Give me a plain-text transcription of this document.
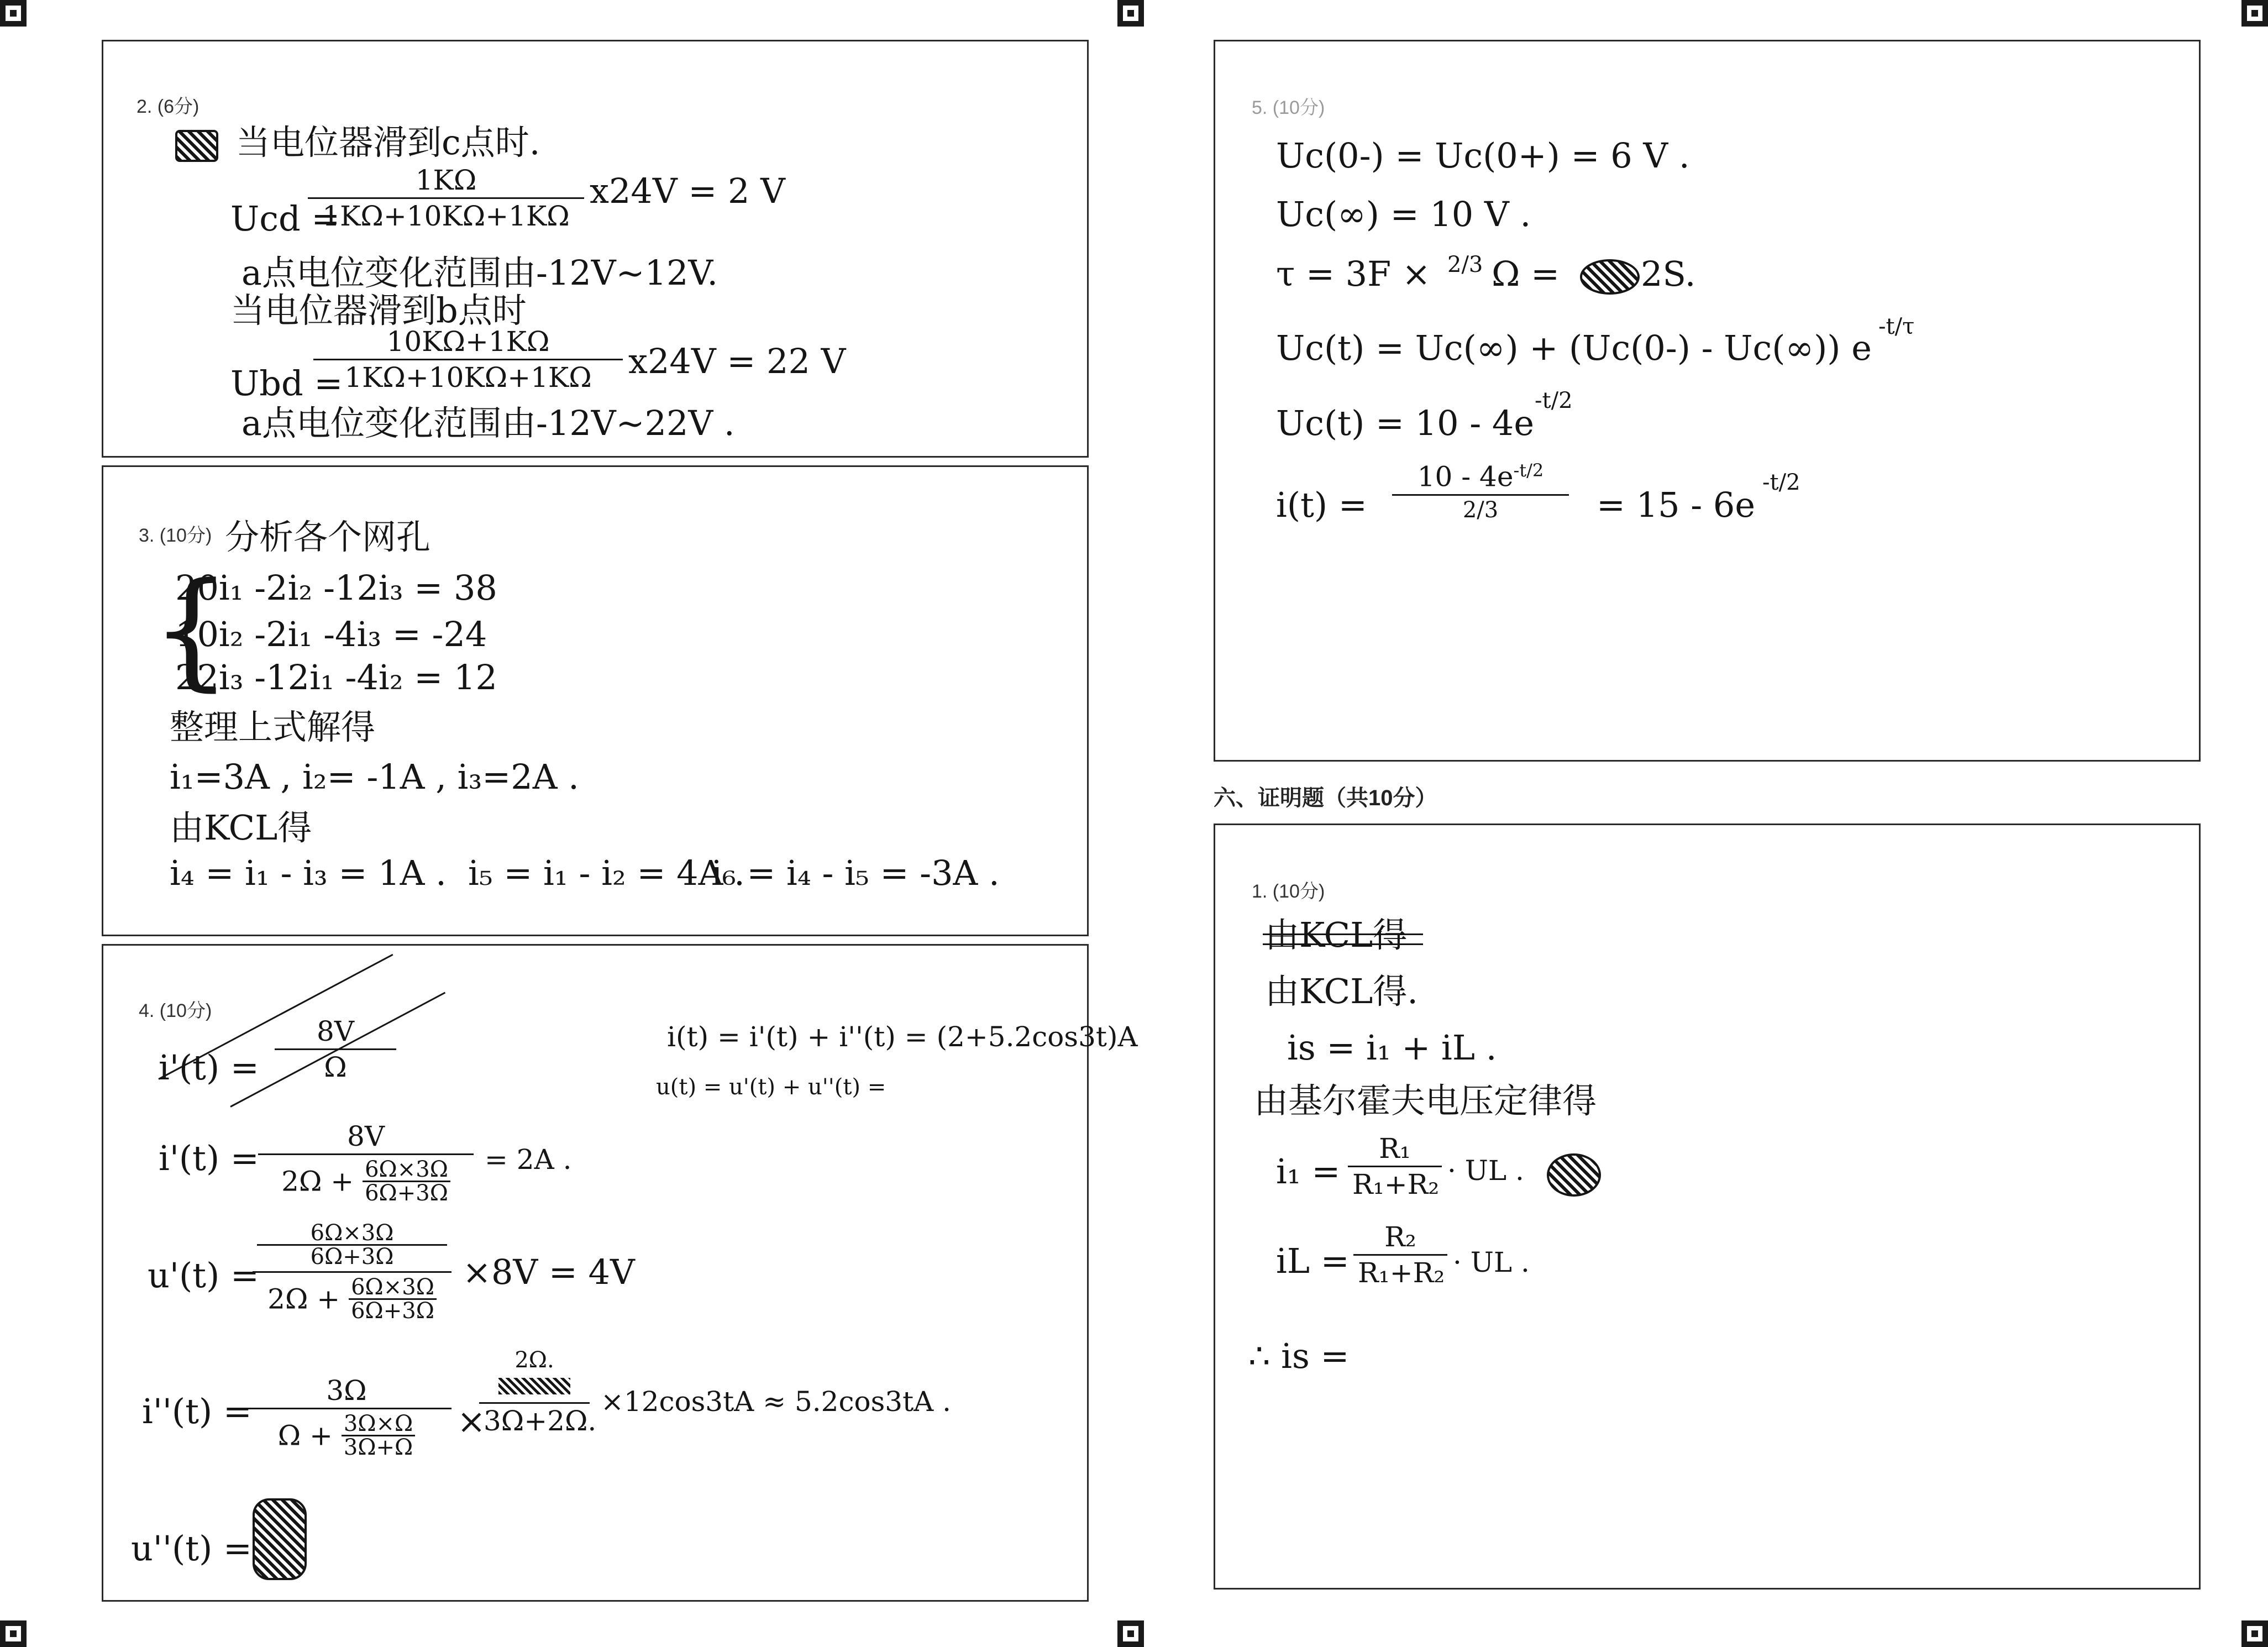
2. (6分)
当电位器滑到c点时.
Ucd =
1KΩ
1KΩ+10KΩ+1KΩ
x24V = 2 V
a点电位变化范围由-12V~12V.
当电位器滑到b点时
Ubd =
10KΩ+1KΩ
1KΩ+10KΩ+1KΩ	x24V = 22 V
a点电位变化范围由-12V~22V .
3. (10分) 分析各个网孔
{
20i₁ -2i₂ -12i₃ = 38
10i₂ -2i₁ -4i₃ = -24
22i₃ -12i₁ -4i₂ = 12
整理上式解得
i₁=3A , i₂= -1A , i₃=2A .
由KCL得
i₄ = i₁ - i₃ = 1A . i₅ = i₁ - i₂ = 4A .
i₆ = i₄ - i₅ = -3A .
4. (10分)
i'(t) =
8V
Ω
i(t) = i'(t) + i''(t) = (2+5.2cos3t)A
u(t) = u'(t) + u''(t) =
i'(t) =
8V
$2\Omega + \frac{6\Omega\times 3\Omega}{6\Omega+3\Omega} = 2A$ .
u'(t) =
6Ω×3Ω
6Ω+3Ω
$2\Omega + \frac{6\Omega\times 3\Omega}{6\Omega+3\Omega}$
×8V = 4V
i''(t) =
3Ω
$\Omega + \frac{3\Omega\times\Omega}{3\Omega+\Omega}$ ×
2Ω.
3Ω+2Ω.
×12cos3tA ≈ 5.2cos3tA .
u''(t) =
5. (10分)
Uc(0-) = Uc(0+) = 6 V .
Uc(∞) = 10 V .
τ = 3F × 2/3 Ω = 2S.
Uc(t) = Uc(∞) + (Uc(0-) - Uc(∞)) e
-t/τ
Uc(t) = 10 - 4e
-t/2
i(t) =
$10 - 4e^{-t/2}$
2/3	= 15 - 6e
-t/2
六、证明题（共10分）
1. (10分)
由KCL得
由KCL得.
is = i₁ + iL .
由基尔霍夫电压定律得
i₁ =
R₁
R₁+R₂ · UL .
iL =
R₂
R₁+R₂ · UL .
∴ is =
